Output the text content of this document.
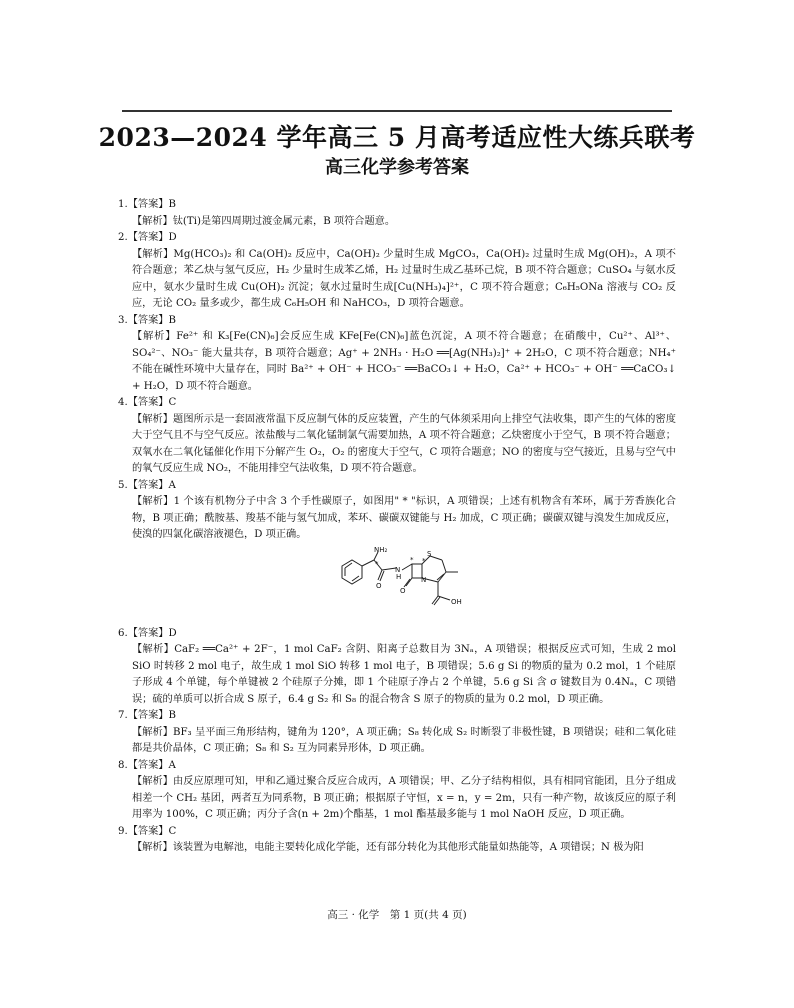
2023—2024 学年高三 5 月高考适应性大练兵联考
高三化学参考答案

1.【答案】B

【解析】钛(Ti)是第四周期过渡金属元素，B 项符合题意。

2.【答案】D

【解析】Mg(HCO₃)₂ 和 Ca(OH)₂ 反应中，Ca(OH)₂ 少量时生成 MgCO₃，Ca(OH)₂ 过量时生成 Mg(OH)₂，A 项不符合题意；苯乙炔与氢气反应，H₂ 少量时生成苯乙烯，H₂ 过量时生成乙基环己烷，B 项不符合题意；CuSO₄ 与氨水反应中，氨水少量时生成 Cu(OH)₂ 沉淀；氨水过量时生成[Cu(NH₃)₄]²⁺，C 项不符合题意；C₆H₅ONa 溶液与 CO₂ 反应，无论 CO₂ 量多或少，都生成 C₆H₅OH 和 NaHCO₃，D 项符合题意。

3.【答案】B

【解析】Fe²⁺ 和 K₃[Fe(CN)₆]会反应生成 KFe[Fe(CN)₆]蓝色沉淀，A 项不符合题意；在硝酸中，Cu²⁺、Al³⁺、SO₄²⁻、NO₃⁻ 能大量共存，B 项符合题意；Ag⁺ + 2NH₃ · H₂O ══[Ag(NH₃)₂]⁺ + 2H₂O，C 项不符合题意；NH₄⁺ 不能在碱性环境中大量存在，同时 Ba²⁺ + OH⁻ + HCO₃⁻ ══BaCO₃↓ + H₂O，Ca²⁺ + HCO₃⁻ + OH⁻ ══CaCO₃↓ + H₂O，D 项不符合题意。

4.【答案】C

【解析】题图所示是一套固液常温下反应制气体的反应装置，产生的气体须采用向上排空气法收集，即产生的气体的密度大于空气且不与空气反应。浓盐酸与二氧化锰制氯气需要加热，A 项不符合题意；乙炔密度小于空气，B 项不符合题意；双氧水在二氧化锰催化作用下分解产生 O₂，O₂ 的密度大于空气，C 项符合题意；NO 的密度与空气接近，且易与空气中的氧气反应生成 NO₂，不能用排空气法收集，D 项不符合题意。

5.【答案】A

【解析】1 个该有机物分子中含 3 个手性碳原子，如图用" * "标识，A 项错误；上述有机物含有苯环，属于芳香族化合物，B 项正确；酰胺基、羧基不能与氢气加成，苯环、碳碳双键能与 H₂ 加成，C 项正确；碳碳双键与溴发生加成反应，使溴的四氯化碳溶液褪色，D 项正确。

NH₂
*	*
N
H
S
N
*
O
O
OH

6.【答案】D

【解析】CaF₂ ══Ca²⁺ + 2F⁻，1 mol CaF₂ 含阴、阳离子总数目为 3Nₐ，A 项错误；根据反应式可知，生成 2 mol SiO 时转移 2 mol 电子，故生成 1 mol SiO 转移 1 mol 电子，B 项错误；5.6 g Si 的物质的量为 0.2 mol，1 个硅原子形成 4 个单键，每个单键被 2 个硅原子分摊，即 1 个硅原子净占 2 个单键，5.6 g Si 含 σ 键数目为 0.4Nₐ，C 项错误；硫的单质可以折合成 S 原子，6.4 g S₂ 和 S₈ 的混合物含 S 原子的物质的量为 0.2 mol，D 项正确。

7.【答案】B

【解析】BF₃ 呈平面三角形结构，键角为 120°，A 项正确；S₈ 转化成 S₂ 时断裂了非极性键，B 项错误；硅和二氧化硅都是共价晶体，C 项正确；S₈ 和 S₂ 互为同素异形体，D 项正确。

8.【答案】A

【解析】由反应原理可知，甲和乙通过聚合反应合成丙，A 项错误；甲、乙分子结构相似，具有相同官能团，且分子组成相差一个 CH₂ 基团，两者互为同系物，B 项正确；根据原子守恒，x = n，y = 2m，只有一种产物，故该反应的原子利用率为 100%，C 项正确；丙分子含(n + 2m)个酯基，1 mol 酯基最多能与 1 mol NaOH 反应，D 项正确。

9.【答案】C

【解析】该装置为电解池，电能主要转化成化学能，还有部分转化为其他形式能量如热能等，A 项错误；N 极为阳

高三 · 化学　第 1 页(共 4 页)
